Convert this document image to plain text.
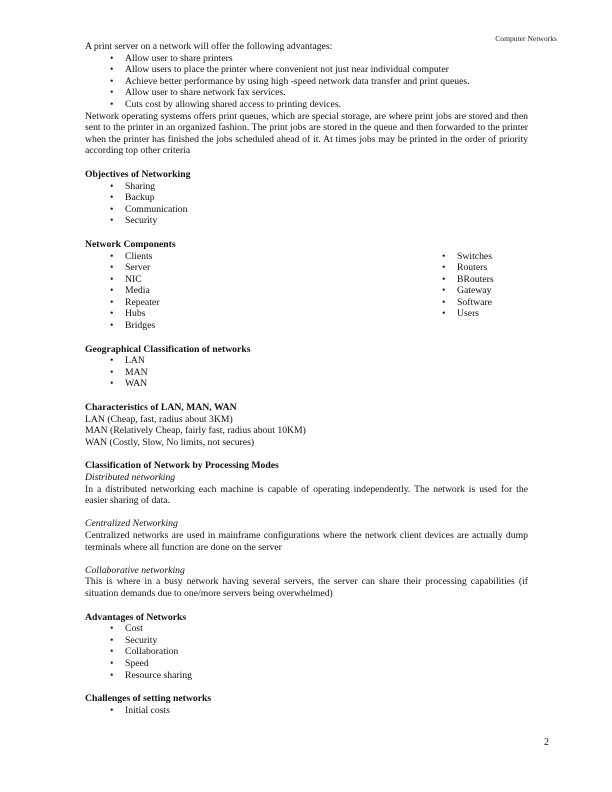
Computer Networks

A print server on a network will offer the following advantages:

• Allow user to share printers
• Allow users to place the printer where convenient not just near individual computer
• Achieve better performance by using high -speed network data transfer and print queues.
• Allow user to share network fax services.
• Cuts cost by allowing shared access to printing devices.

Network operating systems offers print queues, which are special storage, are where print jobs are stored and then sent to the printer in an organized fashion. The print jobs are stored in the queue and then forwarded to the printer when the printer has finished the jobs scheduled ahead of it. At times jobs may be printed in the order of priority according top other criteria

Objectives of Networking

• Sharing
• Backup
• Communication
• Security

Network Components

• Clients
• Server
• NIC
• Media
• Repeater
• Hubs
• Bridges
• Switches
• Routers
• BRouters
• Gateway
• Software
• Users

Geographical Classification of networks

• LAN
• MAN
• WAN

Characteristics of LAN, MAN, WAN

LAN (Cheap, fast, radius about 3KM)

MAN (Relatively Cheap, fairly fast, radius about 10KM)

WAN (Costly, Slow, No limits, not secures)

Classification of Network by Processing Modes

Distributed networking

In a distributed networking each machine is capable of operating independently. The network is used for the easier sharing of data.

Centralized Networking

Centralized networks are used in mainframe configurations where the network client devices are actually dump terminals where all function are done on the server

Collaborative networking

This is where in a busy network having several servers, the server can share their processing capabilities (if situation demands due to one/more servers being overwhelmed)

Advantages of Networks

• Cost
• Security
• Collaboration
• Speed
• Resource sharing

Challenges of setting networks

• Initial costs
2
